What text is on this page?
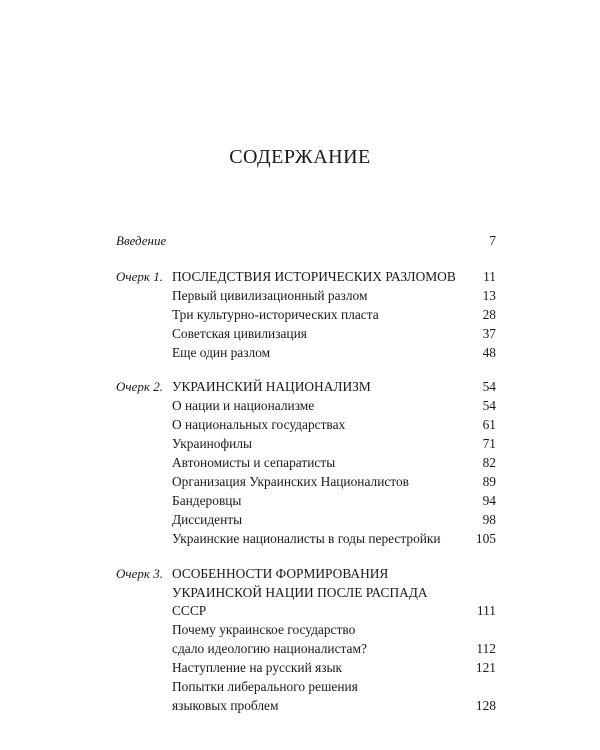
СОДЕРЖАНИЕ
Введение	7
Очерк 1. ПОСЛЕДСТВИЯ ИСТОРИЧЕСКИХ РАЗЛОМОВ	11
Первый цивилизационный разлом	13
Три культурно-исторических пласта	28
Советская цивилизация	37
Еще один разлом	48
Очерк 2. УКРАИНСКИЙ НАЦИОНАЛИЗМ	54
О нации и национализме	54
О национальных государствах	61
Украинофилы	71
Автономисты и сепаратисты	82
Организация Украинских Националистов	89
Бандеровцы	94
Диссиденты	98
Украинские националисты в годы перестройки	105
Очерк 3. ОСОБЕННОСТИ ФОРМИРОВАНИЯ
УКРАИНСКОЙ НАЦИИ ПОСЛЕ РАСПАДА
СССР	111
Почему украинское государство
сдало идеологию националистам?	112
Наступление на русский язык	121
Попытки либерального решения
языковых проблем	128
